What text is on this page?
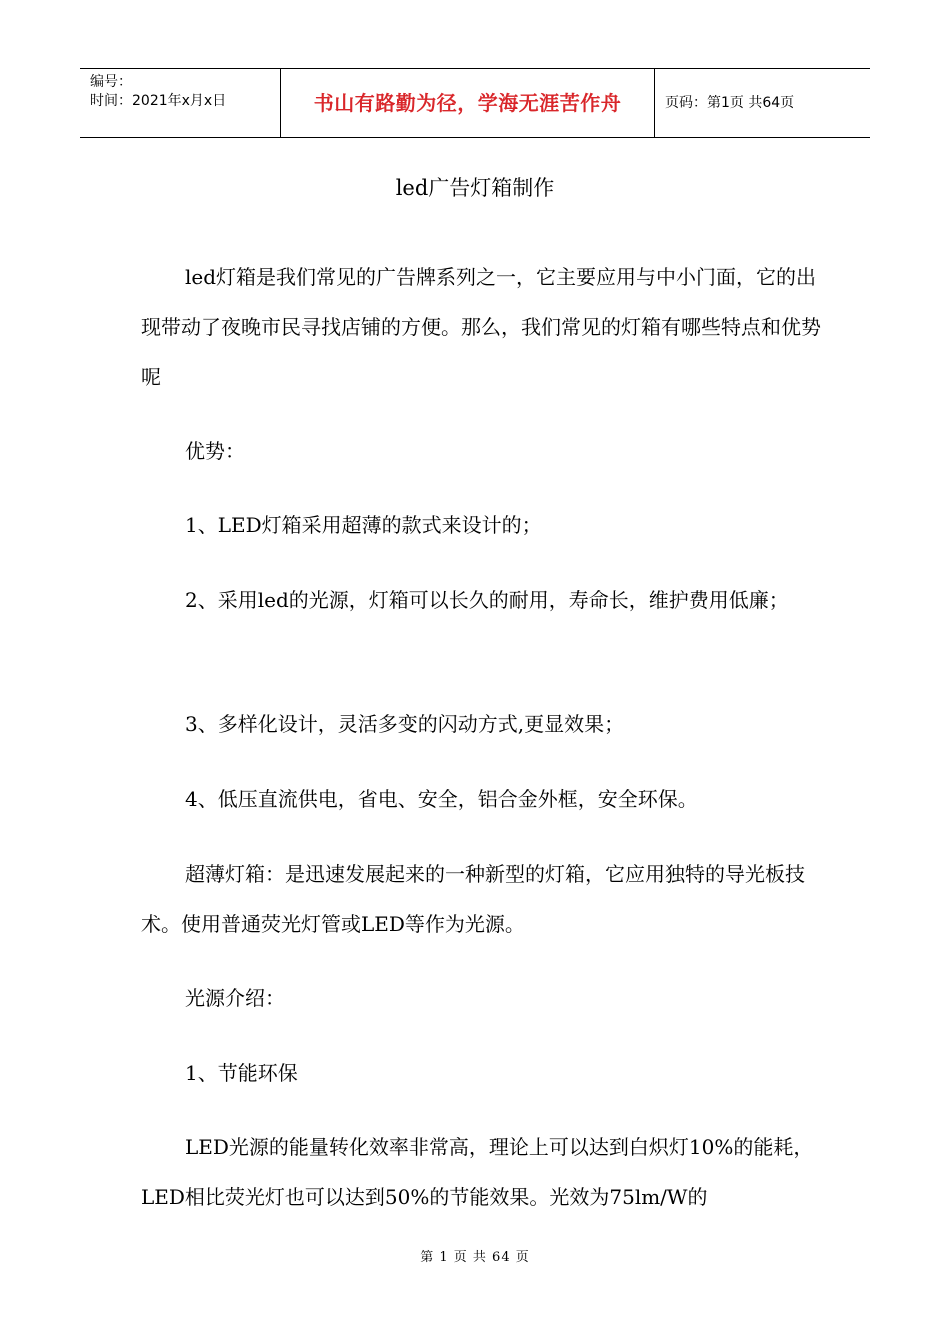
编号：
时间：2021年x月x日	书山有路勤为径，学海无涯苦作舟	页码：第1页 共64页
led广告灯箱制作

led灯箱是我们常见的广告牌系列之一，它主要应用与中小门面，它的出现带动了夜晚市民寻找店铺的方便。那么，我们常见的灯箱有哪些特点和优势呢

优势：

1、LED灯箱采用超薄的款式来设计的；

2、采用led的光源，灯箱可以长久的耐用，寿命长，维护费用低廉；

3、多样化设计，灵活多变的闪动方式,更显效果；

4、低压直流供电，省电、安全，铝合金外框，安全环保。

超薄灯箱：是迅速发展起来的一种新型的灯箱，它应用独特的导光板技术。使用普通荧光灯管或LED等作为光源。

光源介绍：

1、节能环保

LED光源的能量转化效率非常高，理论上可以达到白炽灯10%的能耗，LED相比荧光灯也可以达到50%的节能效果。光效为75lm/W的

第 1 页 共 64 页
